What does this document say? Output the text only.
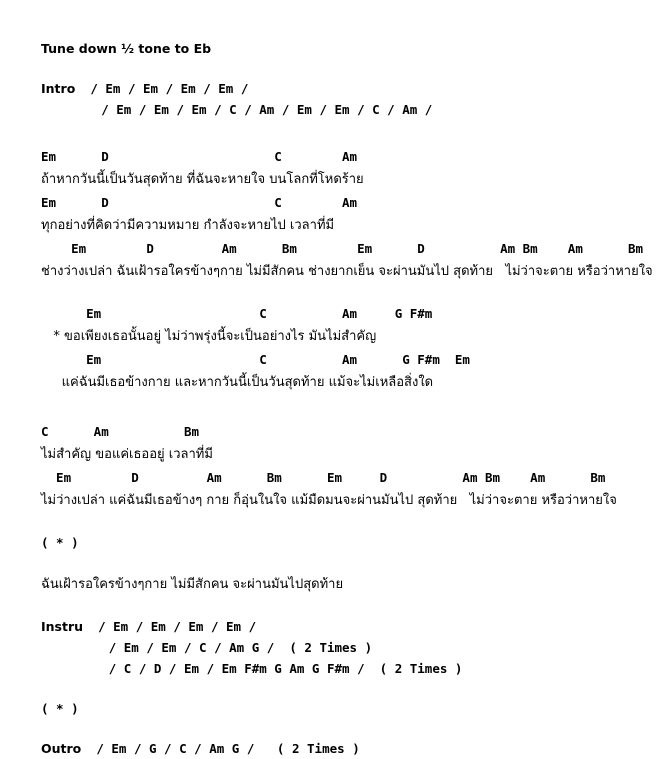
Tune down ½ tone to Eb
Intro  / Em / Em / Em / Em /
/ Em / Em / Em / C / Am / Em / Em / C / Am /
Em      D                      C        Am
ถ้าหากวันนี้เป็นวันสุดท้าย ที่ฉันจะหายใจ บนโลกที่โหดร้าย
Em      D                      C        Am
ทุกอย่างที่คิดว่ามีความหมาย กำลังจะหายไป เวลาที่มี
Em        D         Am      Bm        Em      D          Am Bm    Am      Bm
ช่างว่างเปล่า ฉันเฝ้ารอใครข้างๆกาย ไม่มีสักคน ช่างยากเย็น จะผ่านมันไป สุดท้าย   ไม่ว่าจะตาย หรือว่าหายใจ
Em                     C          Am     G F#m
* ขอเพียงเธอนั้นอยู่ ไม่ว่าพรุ่งนี้จะเป็นอย่างไร มันไม่สำคัญ
Em                     C          Am      G F#m  Em
แค่ฉันมีเธอข้างกาย และหากวันนี้เป็นวันสุดท้าย แม้จะไม่เหลือสิ่งใด
C      Am          Bm
ไม่สำคัญ ขอแค่เธออยู่ เวลาที่มี
Em        D         Am      Bm      Em     D          Am Bm    Am      Bm
ไม่ว่างเปล่า แค่ฉันมีเธอข้างๆ กาย ก็อุ่นในใจ แม้มืดมนจะผ่านมันไป สุดท้าย   ไม่ว่าจะตาย หรือว่าหายใจ
( * )
ฉันเฝ้ารอใครข้างๆกาย ไม่มีสักคน จะผ่านมันไปสุดท้าย
Instru  / Em / Em / Em / Em /
/ Em / Em / C / Am G /  ( 2 Times )
/ C / D / Em / Em F#m G Am G F#m /  ( 2 Times )
( * )
Outro  / Em / G / C / Am G /   ( 2 Times )
